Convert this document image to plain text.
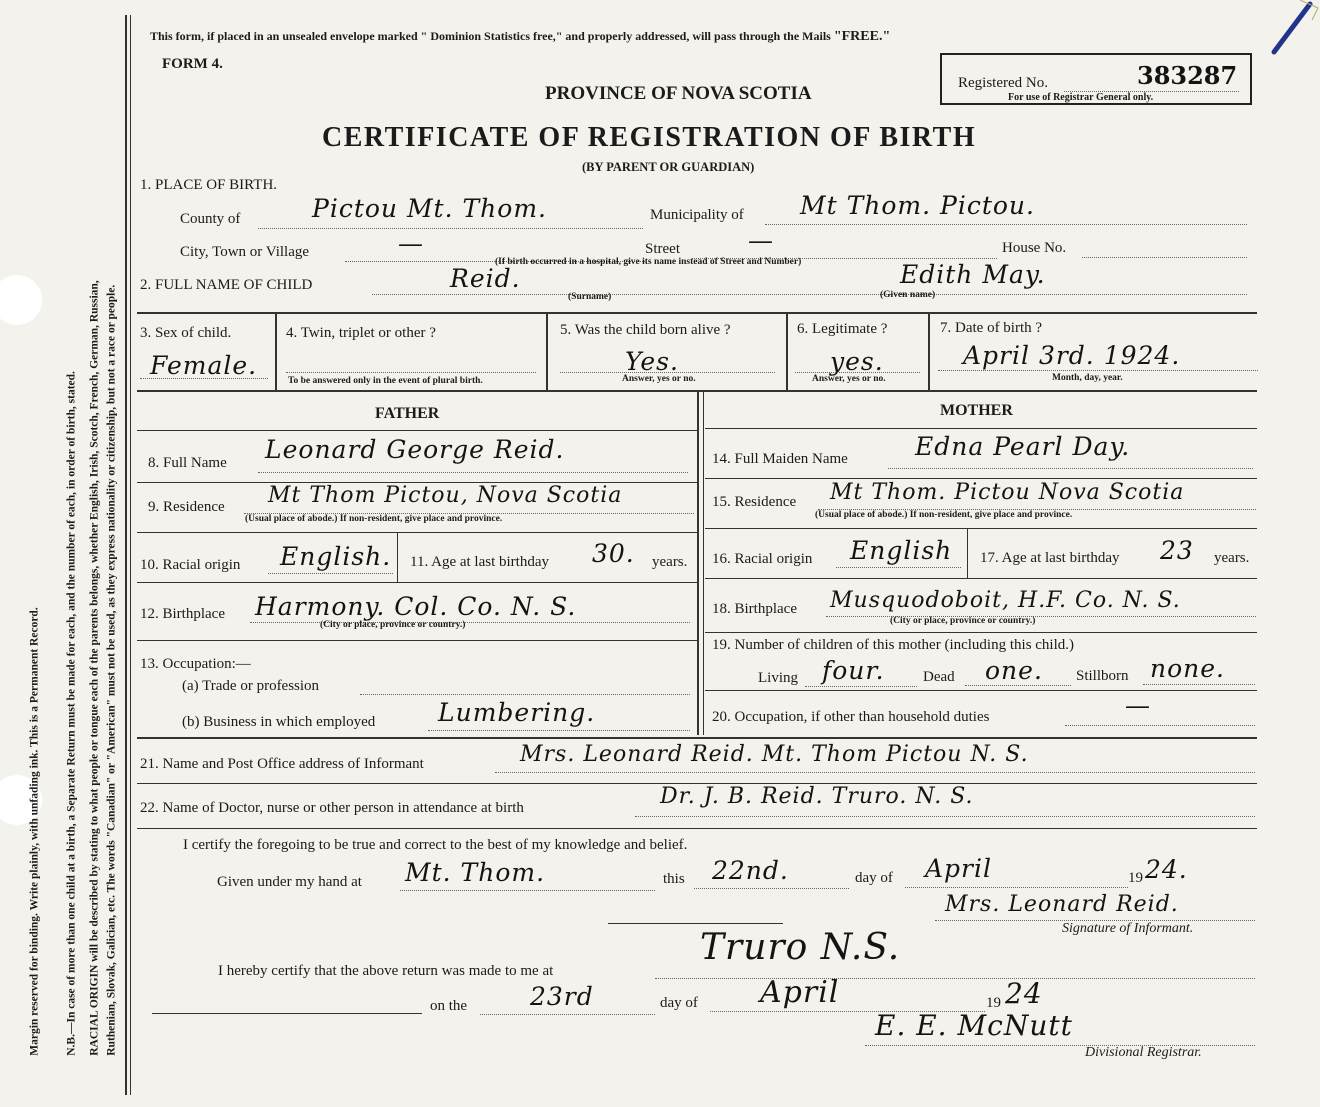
Margin reserved for binding. Write plainly, with unfading ink. This is a Permanent Record. N.B.—In case of more than one child at a birth, a Separate Return must be made for each, and the number of each, in order of birth, stated. RACIAL ORIGIN will be described by stating to what people or tongue each of the parents belongs, whether English, Irish, Scotch, French, German, Russian, Ruthenian, Slovak, Galician, etc. The words "Canadian" or "American" must not be used, as they express nationality or citizenship, but not a race or people.
This form, if placed in an unsealed envelope marked " Dominion Statistics free," and properly addressed, will pass through the Mails "FREE."
FORM 4.
PROVINCE OF NOVA SCOTIA
CERTIFICATE OF REGISTRATION OF BIRTH
(BY PARENT OR GUARDIAN)
Registered No.	383287
For use of Registrar General only.
1. PLACE OF BIRTH.
County of	Pictou Mt. Thom.	Municipality of Mt Thom. Pictou.
City, Town or Village	—	Street	—	House No.
(If birth occurred in a hospital, give its name instead of Street and Number)
2. FULL NAME OF CHILD	Reid.
(Surname)
Edith May.
(Given name)
3. Sex of child.
Female.
4. Twin, triplet or other ?
To be answered only in the event of plural birth.
5. Was the child born alive ?
Yes.
Answer, yes or no.
6. Legitimate ?
yes.
Answer, yes or no.
7. Date of birth ?
April 3rd. 1924.
Month, day, year.
FATHER	MOTHER
8. Full Name Leonard George Reid.
9. Residence Mt Thom Pictou, Nova Scotia
(Usual place of abode.) If non-resident, give place and province.
10. Racial origin English. 11. Age at last birthday 30. years.
12. Birthplace Harmony. Col. Co. N. S.
(City or place, province or country.)
13. Occupation:—
(a) Trade or profession
(b) Business in which employed	Lumbering.
14. Full Maiden Name	Edna Pearl Day.
15. Residence Mt Thom. Pictou Nova Scotia
(Usual place of abode.) If non-resident, give place and province.
16. Racial origin English 17. Age at last birthday 23 years.
18. Birthplace Musquodoboit, H.F. Co. N. S.
(City or place, province or country.)
19. Number of children of this mother (including this child.)
Living four.	Dead one. Stillborn none.
20. Occupation, if other than household duties	—
21. Name and Post Office address of Informant	Mrs. Leonard Reid. Mt. Thom Pictou N. S.
22. Name of Doctor, nurse or other person in attendance at birth	Dr. J. B. Reid. Truro. N. S.
I certify the foregoing to be true and correct to the best of my knowledge and belief.
Given under my hand at Mt. Thom.	this 22nd.	day of April	19 24.
Mrs. Leonard Reid.
Signature of Informant.
I hereby certify that the above return was made to me at
Truro N.S.
on the	23rd	day of April	19 24
E. E. McNutt
Divisional Registrar.
